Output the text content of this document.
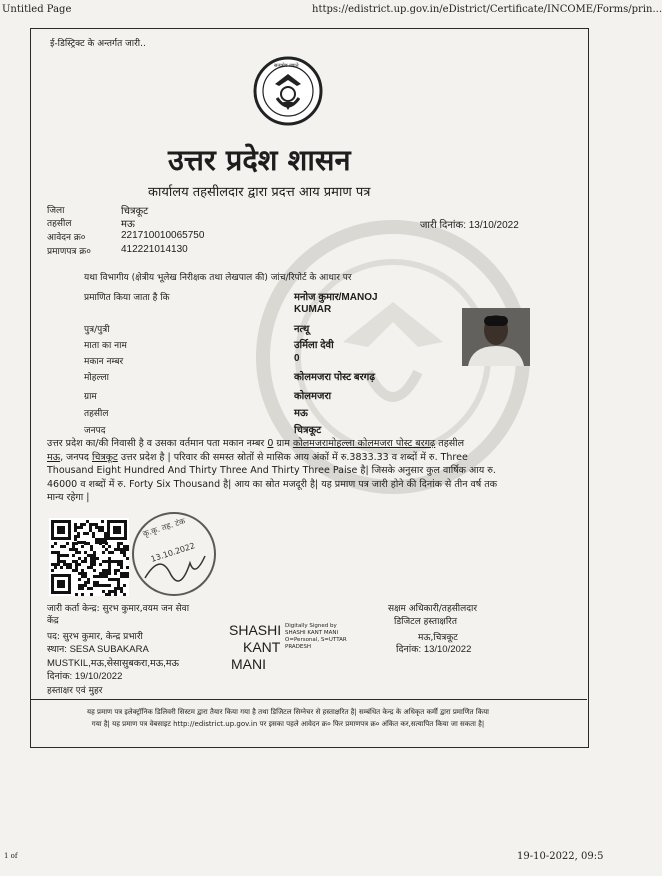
Untitled Page	https://edistrict.up.gov.in/eDistrict/Certificate/INCOME/Forms/prin...
1 of	19-10-2022, 09:5
ई-डिस्ट्रिक्ट के अन्तर्गत जारी..
सत्यमेव जयते
उत्तर प्रदेश शासन
कार्यालय तहसीलदार द्वारा प्रदत्त आय प्रमाण पत्र
जिला	चित्रकूट
तहसील	मऊ
आवेदन क्र०	221710010065750
प्रमाणपत्र क्र०	412221014130
जारी दिनांक: 13/10/2022
यथा विभागीय (क्षेत्रीय भूलेख निरीक्षक तथा लेखपाल की) जांच/रिपोर्ट के आधार पर
प्रमाणित किया जाता है कि	मनोज कुमार/MANOJ
KUMAR
पुत्र/पुत्री	नत्थू
माता का नाम	उर्मिला देवी
मकान नम्बर	0
मोहल्ला	कोलमजरा पोस्ट बरगढ़
ग्राम	कोलमजरा
तहसील	मऊ
जनपद	चित्रकूट
उत्तर प्रदेश का/की निवासी है व उसका वर्तमान पता मकान नम्बर 0 ग्राम कोलमजरामोहल्ला कोलमजरा पोस्ट बरगढ़ तहसील
मऊ, जनपद चित्रकूट उत्तर प्रदेश है | परिवार की समस्त स्रोतों से मासिक आय अंकों में रु.3833.33 व शब्दों में रु. Three
Thousand Eight Hundred And Thirty Three And Thirty Three Paise है| जिसके अनुसार कुल वार्षिक आय रु.
46000 व शब्दों में रु. Forty Six Thousand है| आय का स्रोत मजदूरी है| यह प्रमाण पत्र जारी होने की दिनांक से तीन वर्ष तक
मान्य रहेगा |
कृ.कृ. तह. टंक
13.10.2022
जारी कर्ता केन्द्र: सुरभ कुमार,वयम जन सेवा
केंद्र
पद: सुरभ कुमार, केन्द्र प्रभारी
स्थान: SESA SUBAKARA
MUSTKIL,मऊ,सेसासुबकरा,मऊ,मऊ
दिनांक: 19/10/2022
हस्ताक्षर एवं मुहर
SHASHI
KANT
MANI
Digitally Signed by
SHASHI KANT MANI
O=Personal, S=UTTAR
PRADESH
सक्षम अधिकारी/तहसीलदार
डिजिटल हस्ताक्षरित
मऊ,चित्रकूट
दिनांक: 13/10/2022
यह प्रमाण पत्र इलेक्ट्रॉनिक डिलिवरी सिस्टम द्वारा तैयार किया गया है तथा डिजिटल सिग्नेचर से हस्ताक्षरित है| सम्बंधित केन्द्र के अधिकृत कर्मी द्वारा प्रमाणित किया
गया है| यह प्रमाण पत्र वेबसाइट http://edistrict.up.gov.in पर इसका पहले आवेदन क्र० फिर प्रमाणपत्र क्र० अंकित कर,सत्यापित किया जा सकता है|
